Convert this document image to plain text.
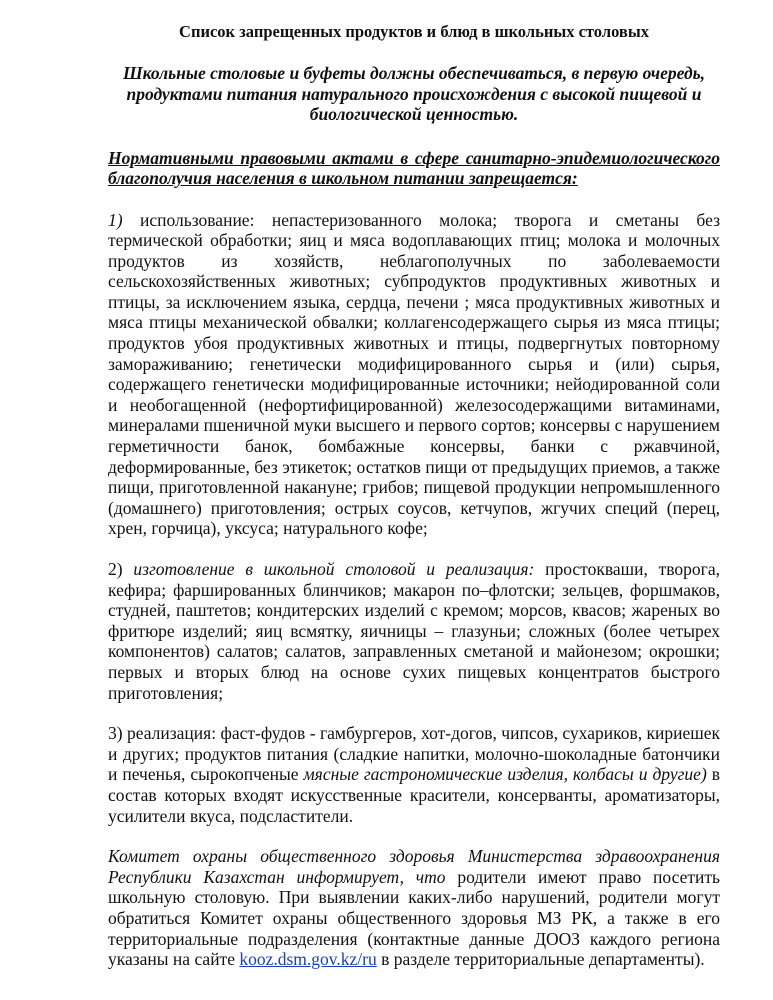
Список запрещенных продуктов и блюд в школьных столовых
Школьные столовые и буфеты должны обеспечиваться, в первую очередь, продуктами питания натурального происхождения с высокой пищевой и биологической ценностью.
Нормативными правовыми актами в сфере санитарно-эпидемиологического благополучия населения в школьном питании запрещается:

1) использование: непастеризованного молока; творога и сметаны без термической обработки; яиц и мяса водоплавающих птиц; молока и молочных продуктов из хозяйств, неблагополучных по заболеваемости сельскохозяйственных животных; субпродуктов продуктивных животных и птицы, за исключением языка, сердца, печени ; мяса продуктивных животных и мяса птицы механической обвалки; коллагенсодержащего сырья из мяса птицы; продуктов убоя продуктивных животных и птицы, подвергнутых повторному замораживанию; генетически модифицированного сырья и (или) сырья, содержащего генетически модифицированные источники; нейодированной соли и необогащенной (нефортифицированной) железосодержащими витаминами, минералами пшеничной муки высшего и первого сортов; консервы с нарушением герметичности банок, бомбажные консервы, банки с ржавчиной, деформированные, без этикеток; остатков пищи от предыдущих приемов, а также пищи, приготовленной накануне; грибов; пищевой продукции непромышленного (домашнего) приготовления; острых соусов, кетчупов, жгучих специй (перец, хрен, горчица), уксуса; натурального кофе;

2) изготовление в школьной столовой и реализация: простокваши, творога, кефира; фаршированных блинчиков; макарон по–флотски; зельцев, форшмаков, студней, паштетов; кондитерских изделий с кремом; морсов, квасов; жареных во фритюре изделий; яиц всмятку, яичницы – глазуньи; сложных (более четырех компонентов) салатов; салатов, заправленных сметаной и майонезом; окрошки; первых и вторых блюд на основе сухих пищевых концентратов быстрого приготовления;

3) реализация: фаст-фудов - гамбургеров, хот-догов, чипсов, сухариков, кириешек и других; продуктов питания (сладкие напитки, молочно-шоколадные батончики и печенья, сырокопченые мясные гастрономические изделия, колбасы и другие) в состав которых входят искусственные красители, консерванты, ароматизаторы, усилители вкуса, подсластители.

Комитет охраны общественного здоровья Министерства здравоохранения Республики Казахстан информирует, что родители имеют право посетить школьную столовую. При выявлении каких-либо нарушений, родители могут обратиться Комитет охраны общественного здоровья МЗ РК, а также в его территориальные подразделения (контактные данные ДООЗ каждого региона указаны на сайте kooz.dsm.gov.kz/ru в разделе территориальные департаменты).
